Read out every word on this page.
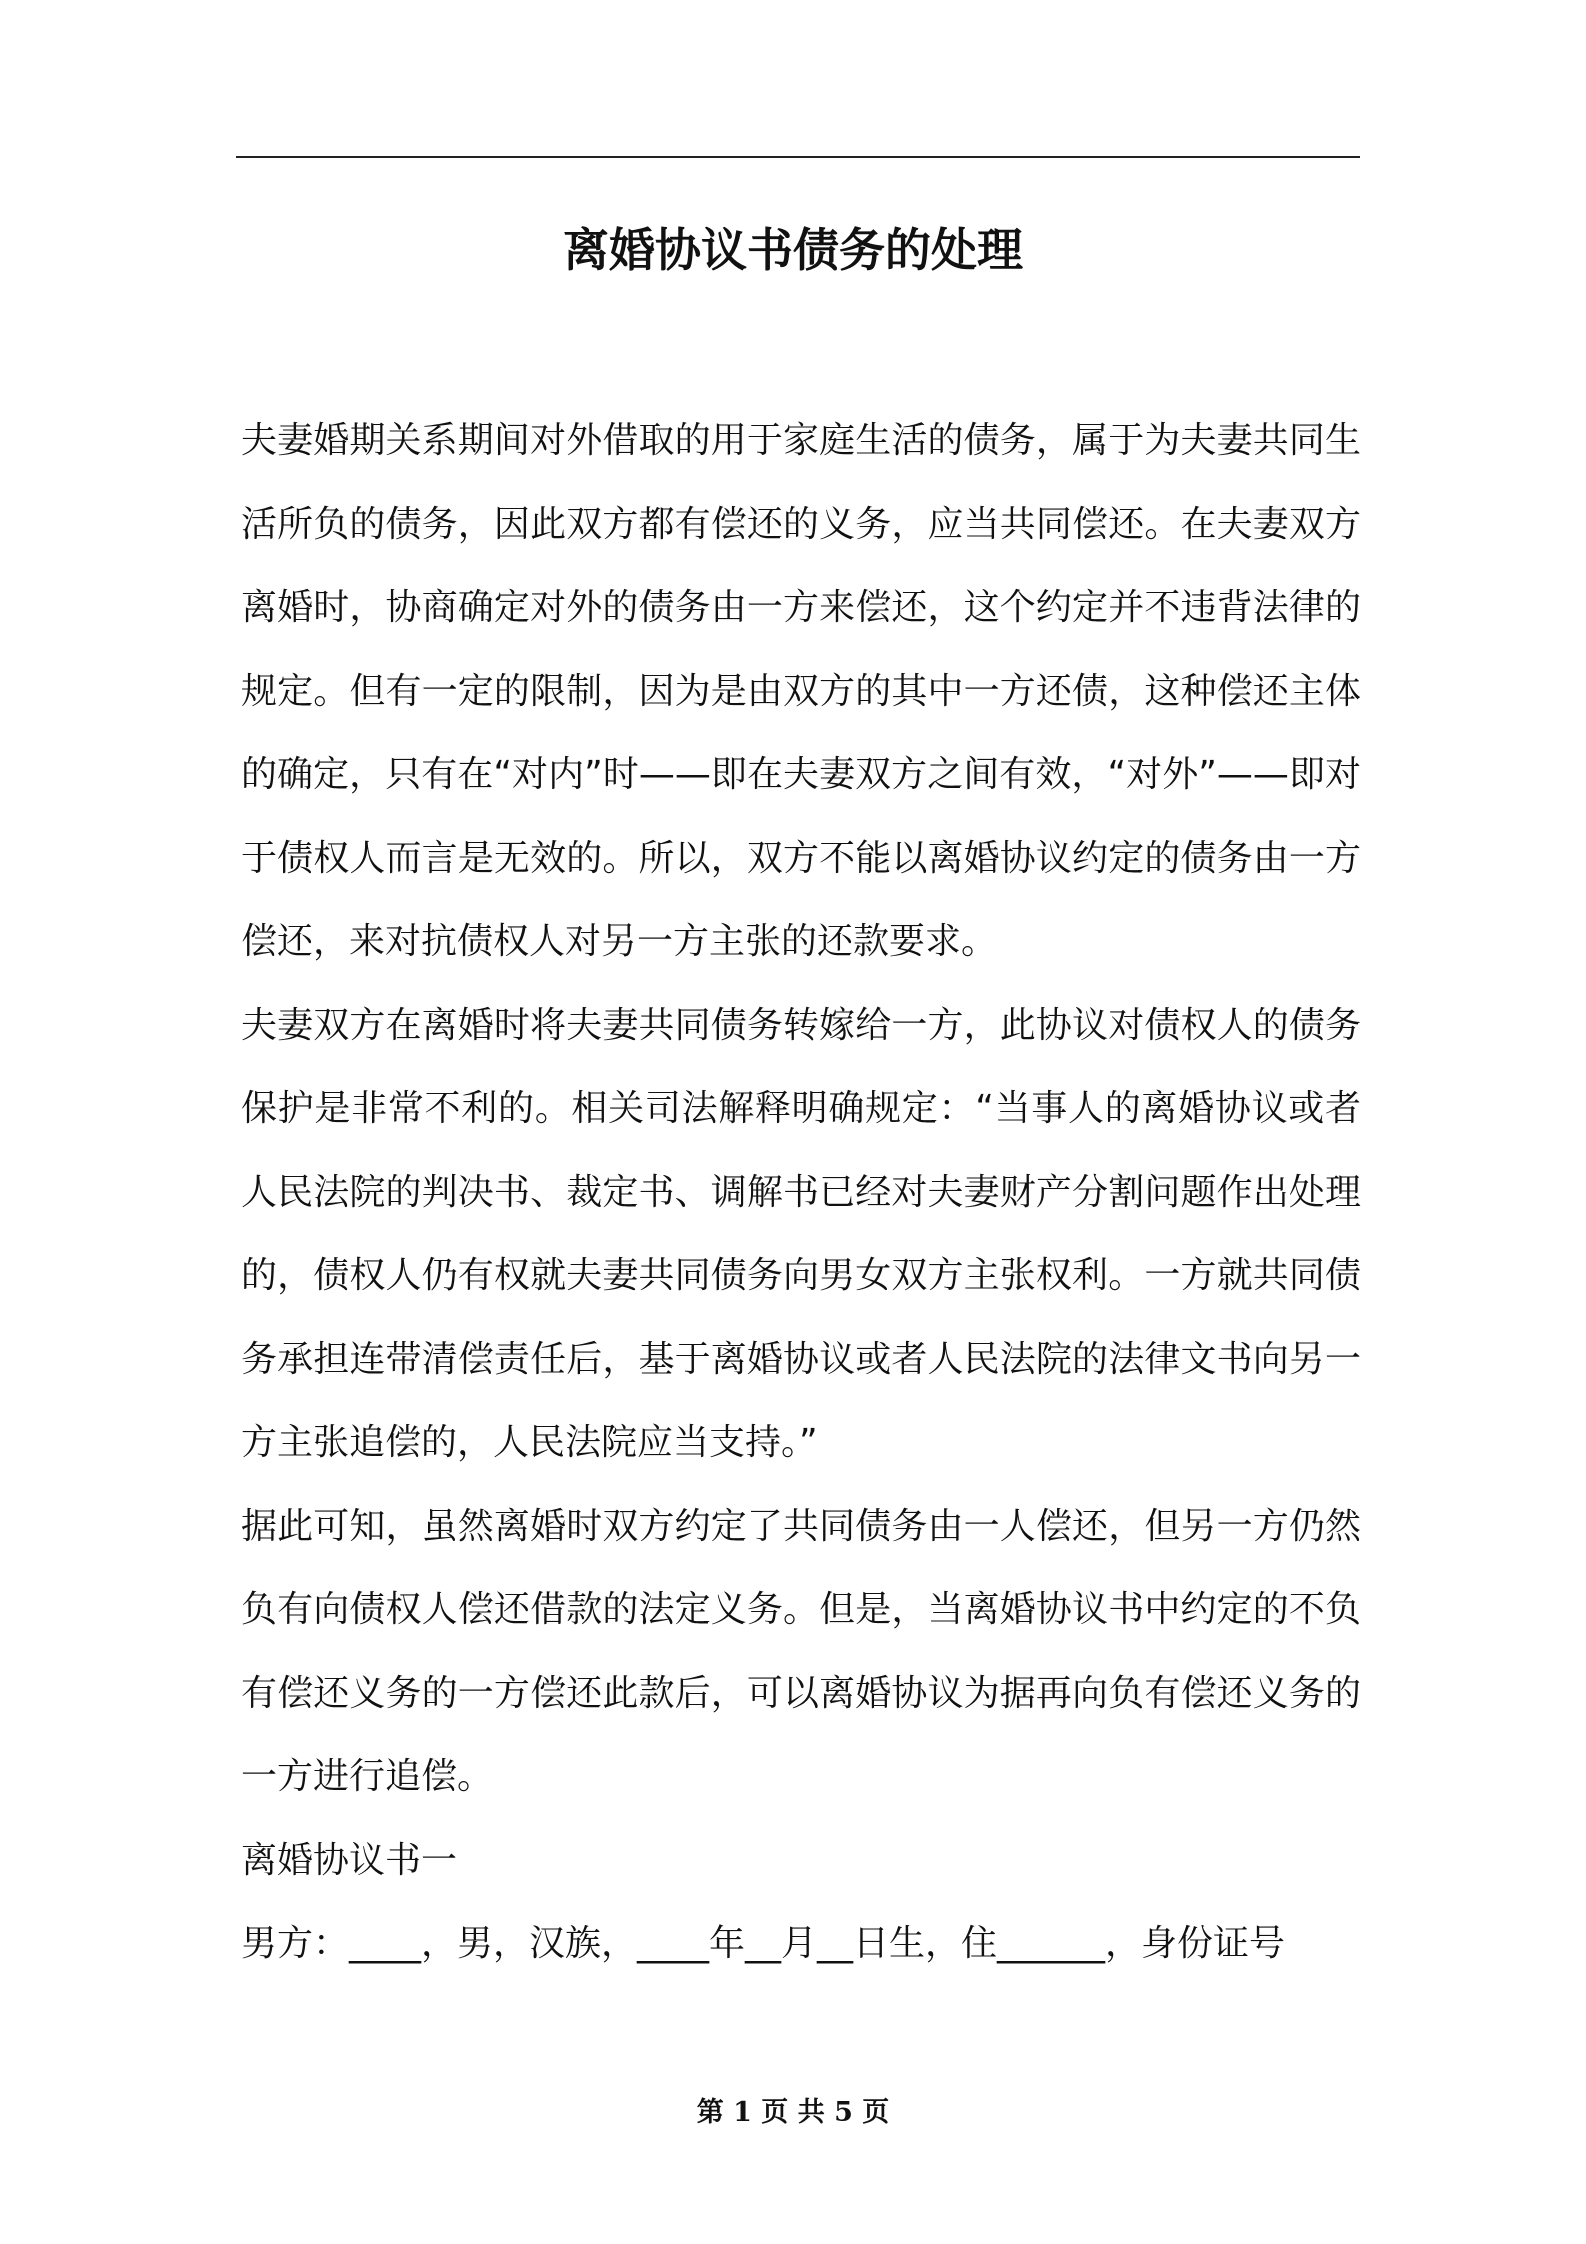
离婚协议书债务的处理

夫妻婚期关系期间对外借取的用于家庭生活的债务，属于为夫妻共同生活所负的债务，因此双方都有偿还的义务，应当共同偿还。在夫妻双方离婚时，协商确定对外的债务由一方来偿还，这个约定并不违背法律的规定。但有一定的限制，因为是由双方的其中一方还债，这种偿还主体的确定，只有在“对内”时——即在夫妻双方之间有效，“对外”——即对于债权人而言是无效的。所以，双方不能以离婚协议约定的债务由一方偿还，来对抗债权人对另一方主张的还款要求。

夫妻双方在离婚时将夫妻共同债务转嫁给一方，此协议对债权人的债务保护是非常不利的。相关司法解释明确规定：“当事人的离婚协议或者人民法院的判决书、裁定书、调解书已经对夫妻财产分割问题作出处理的，债权人仍有权就夫妻共同债务向男女双方主张权利。一方就共同债务承担连带清偿责任后，基于离婚协议或者人民法院的法律文书向另一方主张追偿的，人民法院应当支持。”

据此可知，虽然离婚时双方约定了共同债务由一人偿还，但另一方仍然负有向债权人偿还借款的法定义务。但是，当离婚协议书中约定的不负有偿还义务的一方偿还此款后，可以离婚协议为据再向负有偿还义务的一方进行追偿。

离婚协议书一

男方：____，男，汉族，____年__月__日生，住______，身份证号

第 1 页 共 5 页
